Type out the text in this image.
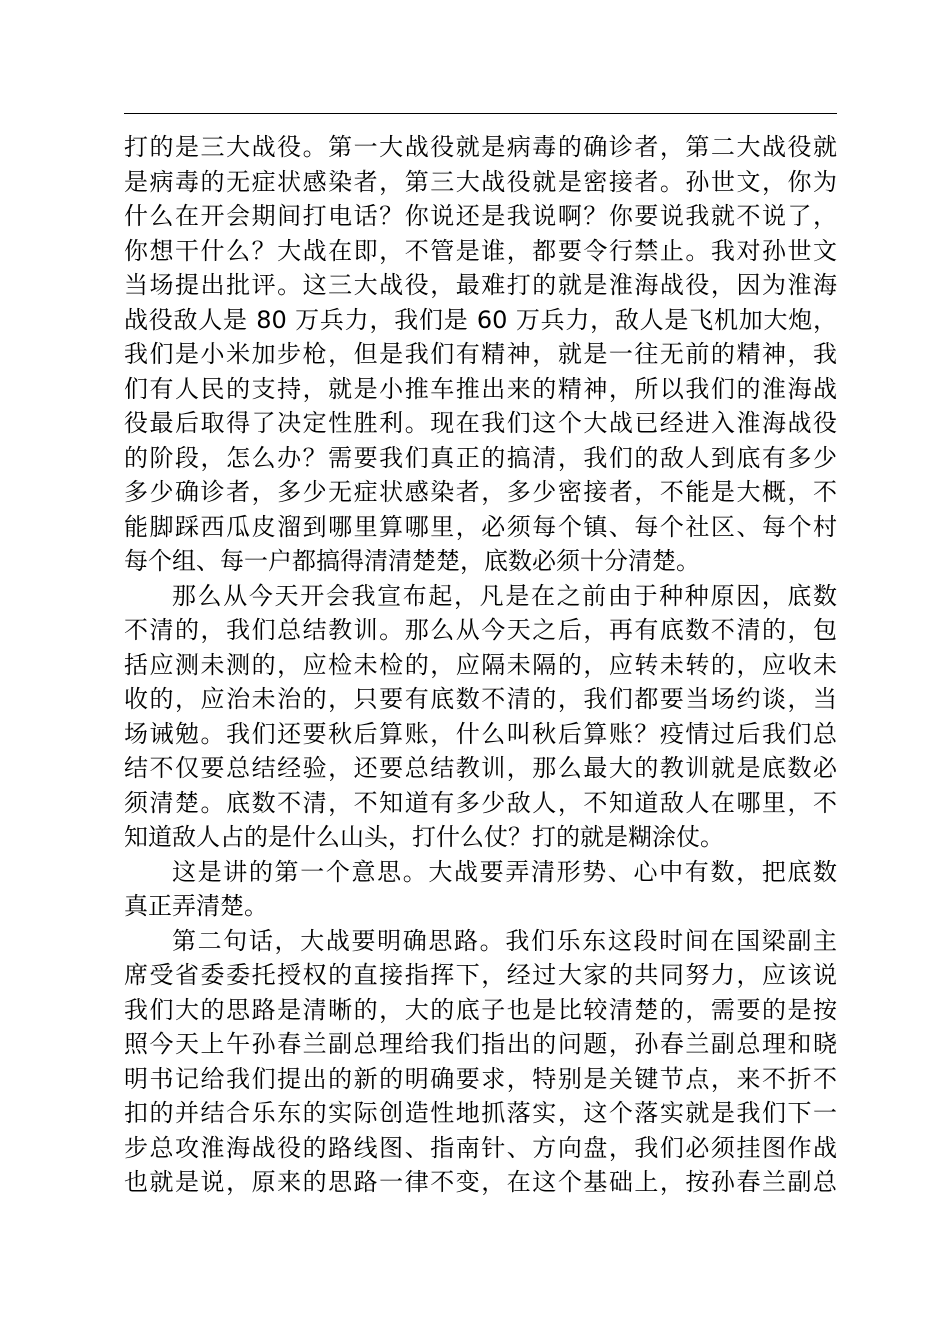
打的是三大战役。第一大战役就是病毒的确诊者，第二大战役就
是病毒的无症状感染者，第三大战役就是密接者。孙世文，你为
什么在开会期间打电话？你说还是我说啊？你要说我就不说了，
你想干什么？大战在即，不管是谁，都要令行禁止。我对孙世文
当场提出批评。这三大战役，最难打的就是淮海战役，因为淮海
战役敌人是 80 万兵力，我们是 60 万兵力，敌人是飞机加大炮，
我们是小米加步枪，但是我们有精神，就是一往无前的精神，我
们有人民的支持，就是小推车推出来的精神，所以我们的淮海战
役最后取得了决定性胜利。现在我们这个大战已经进入淮海战役
的阶段，怎么办？需要我们真正的搞清，我们的敌人到底有多少
多少确诊者，多少无症状感染者，多少密接者，不能是大概，不
能脚踩西瓜皮溜到哪里算哪里，必须每个镇、每个社区、每个村
每个组、每一户都搞得清清楚楚，底数必须十分清楚。
那么从今天开会我宣布起，凡是在之前由于种种原因，底数
不清的，我们总结教训。那么从今天之后，再有底数不清的，包
括应测未测的，应检未检的，应隔未隔的，应转未转的，应收未
收的，应治未治的，只要有底数不清的，我们都要当场约谈，当
场诫勉。我们还要秋后算账，什么叫秋后算账？疫情过后我们总
结不仅要总结经验，还要总结教训，那么最大的教训就是底数必
须清楚。底数不清，不知道有多少敌人，不知道敌人在哪里，不
知道敌人占的是什么山头，打什么仗？打的就是糊涂仗。
这是讲的第一个意思。大战要弄清形势、心中有数，把底数
真正弄清楚。
第二句话，大战要明确思路。我们乐东这段时间在国梁副主
席受省委委托授权的直接指挥下，经过大家的共同努力，应该说
我们大的思路是清晰的，大的底子也是比较清楚的，需要的是按
照今天上午孙春兰副总理给我们指出的问题，孙春兰副总理和晓
明书记给我们提出的新的明确要求，特别是关键节点，来不折不
扣的并结合乐东的实际创造性地抓落实，这个落实就是我们下一
步总攻淮海战役的路线图、指南针、方向盘，我们必须挂图作战
也就是说，原来的思路一律不变，在这个基础上，按孙春兰副总
